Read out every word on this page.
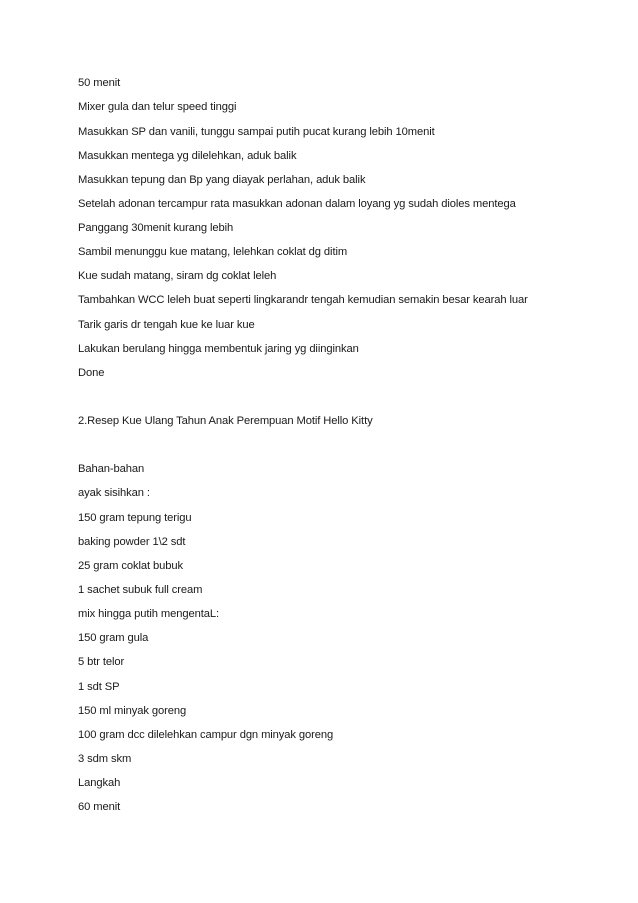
50 menit
Mixer gula dan telur speed tinggi
Masukkan SP dan vanili, tunggu sampai putih pucat kurang lebih 10menit
Masukkan mentega yg dilelehkan, aduk balik
Masukkan tepung dan Bp yang diayak perlahan, aduk balik
Setelah adonan tercampur rata masukkan adonan dalam loyang yg sudah dioles mentega
Panggang 30menit kurang lebih
Sambil menunggu kue matang, lelehkan coklat dg ditim
Kue sudah matang, siram dg coklat leleh
Tambahkan WCC leleh buat seperti lingkarandr tengah kemudian semakin besar kearah luar
Tarik garis dr tengah kue ke luar kue
Lakukan berulang hingga membentuk jaring yg diinginkan
Done
2.Resep Kue Ulang Tahun Anak Perempuan Motif Hello Kitty
Bahan-bahan
ayak sisihkan :
150 gram tepung terigu
baking powder 1\2 sdt
25 gram coklat bubuk
1 sachet subuk full cream
mix hingga putih mengentaL:
150 gram gula
5 btr telor
1 sdt SP
150 ml minyak goreng
100 gram dcc dilelehkan campur dgn minyak goreng
3 sdm skm
Langkah
60 menit
